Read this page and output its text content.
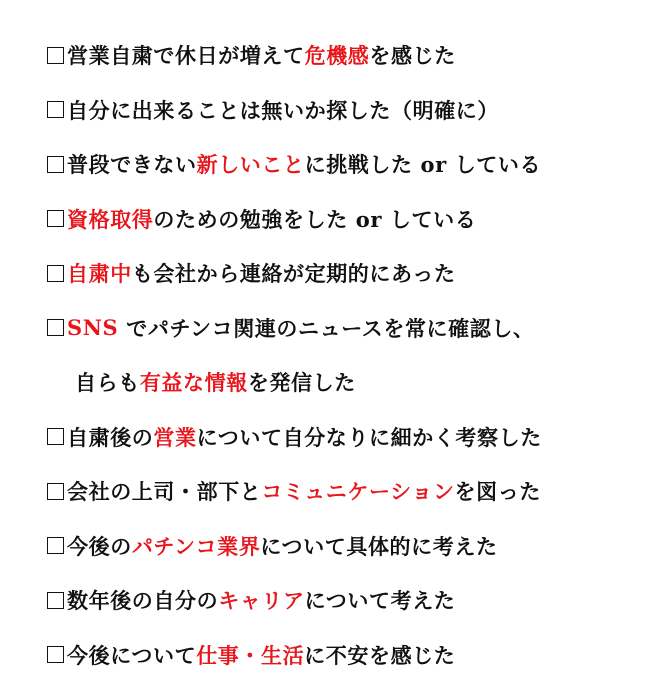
営業自粛で休日が増えて 危機感 を感じた
自分に出来ることは無いか探した（明確に）
普段できない 新しいこと に挑戦した or している
資格取得 のための勉強をした or している
自粛中 も会社から連絡が定期的にあった
SNS でパチンコ関連のニュースを常に確認し、
自らも 有益な情報 を発信した
自粛後の 営業 について自分なりに細かく考察した
会社の上司・部下と コミュニケーション を図った
今後の パチンコ業界 について具体的に考えた
数年後の自分の キャリア について考えた
今後について 仕事・生活 に不安を感じた
